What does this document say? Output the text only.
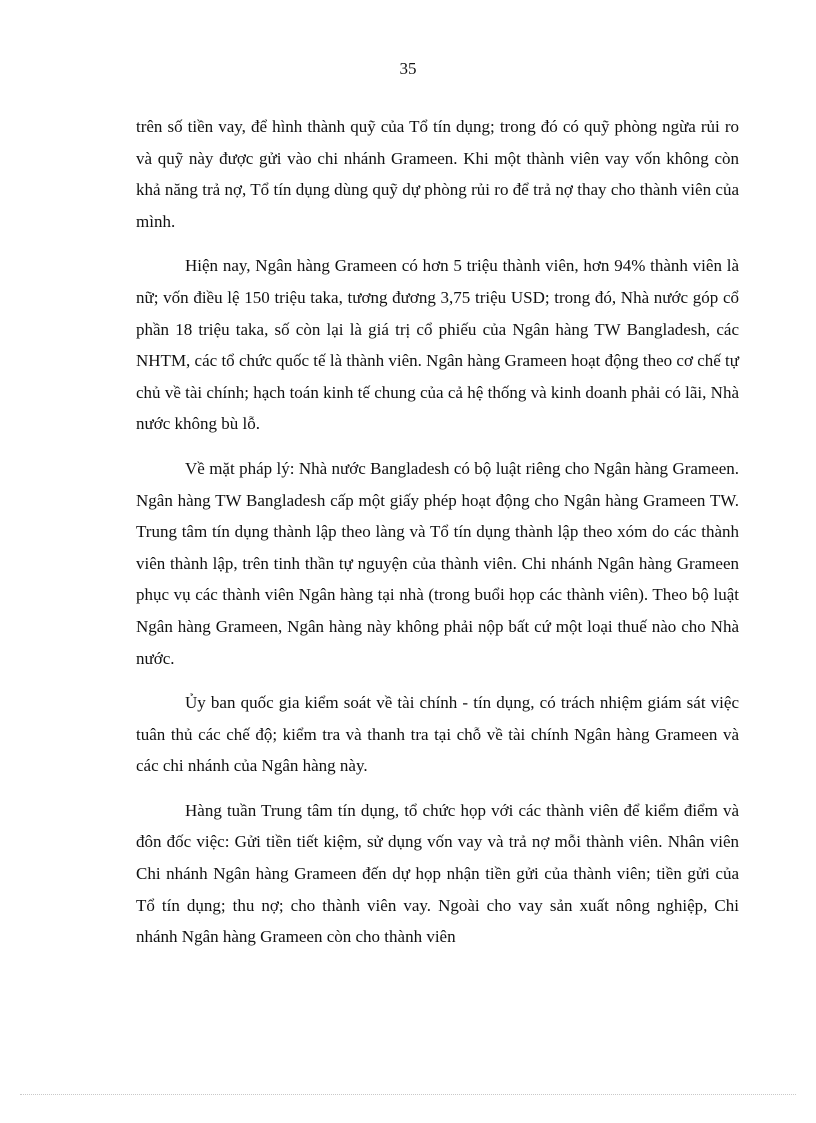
35

trên số tiền vay, để hình thành quỹ của Tổ tín dụng; trong đó có quỹ phòng ngừa rủi ro và quỹ này được gửi vào chi nhánh Grameen. Khi một thành viên vay vốn không còn khả năng trả nợ, Tổ tín dụng dùng quỹ dự phòng rủi ro để trả nợ thay cho thành viên của mình.

Hiện nay, Ngân hàng Grameen có hơn 5 triệu thành viên, hơn 94% thành viên là nữ; vốn điều lệ 150 triệu taka, tương đương 3,75 triệu USD; trong đó, Nhà nước góp cổ phần 18 triệu taka, số còn lại là giá trị cổ phiếu của Ngân hàng TW Bangladesh, các NHTM, các tổ chức quốc tế là thành viên. Ngân hàng Grameen hoạt động theo cơ chế tự chủ về tài chính; hạch toán kinh tế chung của cả hệ thống và kinh doanh phải có lãi, Nhà nước không bù lỗ.

Về mặt pháp lý: Nhà nước Bangladesh có bộ luật riêng cho Ngân hàng Grameen. Ngân hàng TW Bangladesh cấp một giấy phép hoạt động cho Ngân hàng Grameen TW. Trung tâm tín dụng thành lập theo làng và Tổ tín dụng thành lập theo xóm do các thành viên thành lập, trên tinh thần tự nguyện của thành viên. Chi nhánh Ngân hàng Grameen phục vụ các thành viên Ngân hàng tại nhà (trong buổi họp các thành viên). Theo bộ luật Ngân hàng Grameen, Ngân hàng này không phải nộp bất cứ một loại thuế nào cho Nhà nước.

Ủy ban quốc gia kiểm soát về tài chính - tín dụng, có trách nhiệm giám sát việc tuân thủ các chế độ; kiểm tra và thanh tra tại chỗ về tài chính Ngân hàng Grameen và các chi nhánh của Ngân hàng này.

Hàng tuần Trung tâm tín dụng, tổ chức họp với các thành viên để kiểm điểm và đôn đốc việc: Gửi tiền tiết kiệm, sử dụng vốn vay và trả nợ mỗi thành viên. Nhân viên Chi nhánh Ngân hàng Grameen đến dự họp nhận tiền gửi của thành viên; tiền gửi của Tổ tín dụng; thu nợ; cho thành viên vay. Ngoài cho vay sản xuất nông nghiệp, Chi nhánh Ngân hàng Grameen còn cho thành viên
